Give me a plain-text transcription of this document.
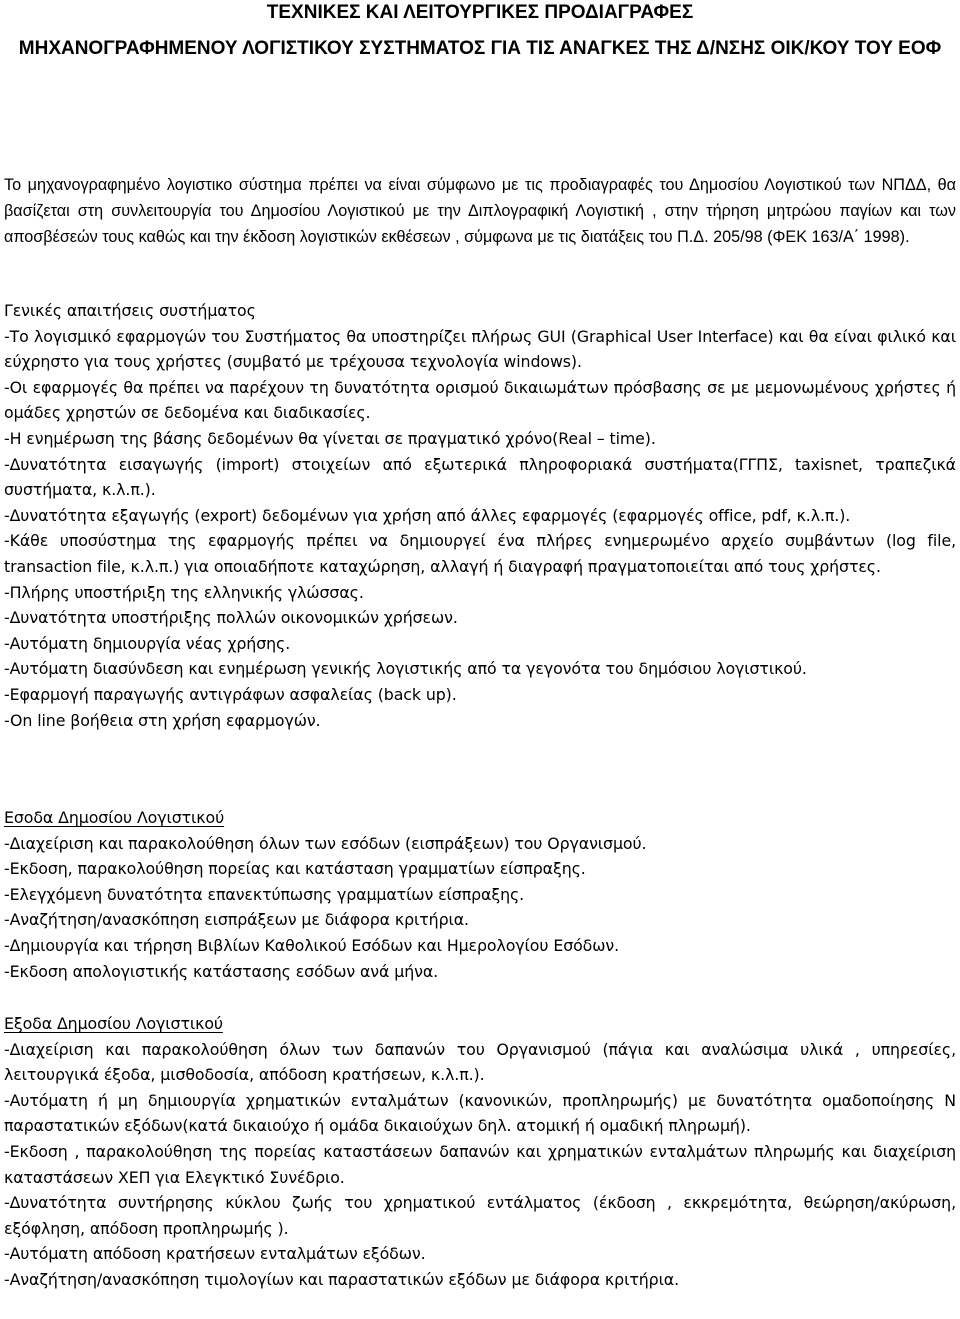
ΤΕΧΝΙΚΕΣ ΚΑΙ ΛΕΙΤΟΥΡΓΙΚΕΣ ΠΡΟΔΙΑΓΡΑΦΕΣ
ΜΗΧΑΝΟΓΡΑΦΗΜΕΝΟΥ ΛΟΓΙΣΤΙΚΟΥ ΣΥΣΤΗΜΑΤΟΣ ΓΙΑ ΤΙΣ ΑΝΑΓΚΕΣ ΤΗΣ Δ/ΝΣΗΣ ΟΙΚ/ΚΟΥ ΤΟΥ ΕΟΦ

Το μηχανογραφημένο λογιστικο σύστημα πρέπει να είναι σύμφωνο με τις προδιαγραφές του Δημοσίου Λογιστικού των ΝΠΔΔ, θα βασίζεται στη συνλειτουργία του Δημοσίου Λογιστικού με την Διπλογραφική Λογιστική , στην τήρηση μητρώου παγίων και των αποσβέσεών τους καθώς και την έκδοση λογιστικών εκθέσεων , σύμφωνα με τις διατάξεις του Π.Δ. 205/98 (ΦΕΚ 163/Α΄ 1998).

Γενικές απαιτήσεις συστήματος

-Το λογισμικό εφαρμογών του Συστήματος θα υποστηρίζει πλήρως GUI (Graphical User Interface) και θα είναι φιλικό και εύχρηστο για τους χρήστες (συμβατό με τρέχουσα τεχνολογία windows).

-Οι εφαρμογές θα πρέπει να παρέχουν τη δυνατότητα ορισμού δικαιωμάτων πρόσβασης σε με μεμονωμένους χρήστες ή ομάδες χρηστών σε δεδομένα και διαδικασίες.

-Η ενημέρωση της βάσης δεδομένων θα γίνεται σε πραγματικό χρόνο(Real – time).

-Δυνατότητα εισαγωγής (import) στοιχείων από εξωτερικά πληροφοριακά συστήματα(ΓΓΠΣ, taxisnet, τραπεζικά συστήματα, κ.λ.π.).

-Δυνατότητα εξαγωγής (export) δεδομένων για χρήση από άλλες εφαρμογές (εφαρμογές office, pdf, κ.λ.π.).

-Κάθε υποσύστημα της εφαρμογής πρέπει να δημιουργεί ένα πλήρες ενημερωμένο αρχείο συμβάντων (log file, transaction file, κ.λ.π.) για οποιαδήποτε καταχώρηση, αλλαγή ή διαγραφή πραγματοποιείται από τους χρήστες.

-Πλήρης υποστήριξη της ελληνικής γλώσσας.

-Δυνατότητα υποστήριξης πολλών οικονομικών χρήσεων.

-Αυτόματη δημιουργία νέας χρήσης.

-Αυτόματη διασύνδεση και ενημέρωση γενικής λογιστικής από τα γεγονότα του δημόσιου λογιστικού.

-Εφαρμογή παραγωγής αντιγράφων ασφαλείας (back up).

-On line βοήθεια στη χρήση εφαρμογών.

Εσοδα Δημοσίου Λογιστικού

-Διαχείριση και παρακολούθηση όλων των εσόδων (εισπράξεων) του Οργανισμού.

-Εκδοση, παρακολούθηση πορείας και κατάσταση γραμματίων είσπραξης.

-Ελεγχόμενη δυνατότητα επανεκτύπωσης γραμματίων είσπραξης.

-Αναζήτηση/ανασκόπηση εισπράξεων με διάφορα κριτήρια.

-Δημιουργία και τήρηση Βιβλίων Καθολικού Εσόδων και Ημερολογίου Εσόδων.

-Εκδοση απολογιστικής κατάστασης εσόδων ανά μήνα.

Εξοδα Δημοσίου Λογιστικού

-Διαχείριση και παρακολούθηση όλων των δαπανών του Οργανισμού (πάγια και αναλώσιμα υλικά , υπηρεσίες, λειτουργικά έξοδα, μισθοδοσία, απόδοση κρατήσεων, κ.λ.π.).

-Αυτόματη ή μη δημιουργία χρηματικών ενταλμάτων (κανονικών, προπληρωμής) με δυνατότητα ομαδοποίησης Ν παραστατικών εξόδων(κατά δικαιούχο ή ομάδα δικαιούχων δηλ. ατομική ή ομαδική πληρωμή).

-Εκδοση , παρακολούθηση της πορείας καταστάσεων δαπανών και χρηματικών ενταλμάτων πληρωμής και διαχείριση καταστάσεων ΧΕΠ για Ελεγκτικό Συνέδριο.

-Δυνατότητα συντήρησης κύκλου ζωής του χρηματικού εντάλματος (έκδοση , εκκρεμότητα, θεώρηση/ακύρωση, εξόφληση, απόδοση προπληρωμής ).

-Αυτόματη απόδοση κρατήσεων ενταλμάτων εξόδων.

-Αναζήτηση/ανασκόπηση τιμολογίων και παραστατικών εξόδων με διάφορα κριτήρια.
